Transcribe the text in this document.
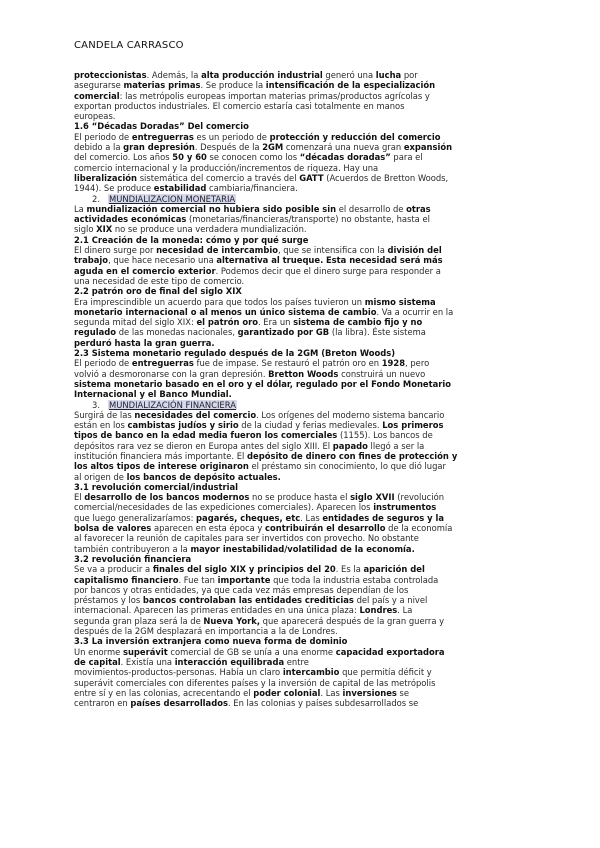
CANDELA CARRASCO

proteccionistas. Además, la alta producción industrial generó una lucha por

asegurarse materias primas. Se produce la intensificación de la especialización

comercial: las metrópolis europeas importan materias primas/productos agrícolas y

exportan productos industriales. El comercio estaría casi totalmente en manos

europeas.

1.6 “Décadas Doradas” Del comercio

El periodo de entreguerras es un periodo de protección y reducción del comercio

debido a la gran depresión. Después de la 2GM comenzará una nueva gran expansión

del comercio. Los años 50 y 60 se conocen como los “décadas doradas” para el

comercio internacional y la producción/incrementos de riqueza. Hay una

liberalización sistemática del comercio a través del GATT (Acuerdos de Bretton Woods,

1944). Se produce estabilidad cambiaria/financiera.

2. MUNDIALIZACION MONETARIA

La mundialización comercial no hubiera sido posible sin el desarrollo de otras

actividades económicas (monetarias/financieras/transporte) no obstante, hasta el

siglo XIX no se produce una verdadera mundialización.

2.1 Creación de la moneda: cómo y por qué surge

El dinero surge por necesidad de intercambio, que se intensifica con la división del

trabajo, que hace necesario una alternativa al trueque. Esta necesidad será más

aguda en el comercio exterior. Podemos decir que el dinero surge para responder a

una necesidad de este tipo de comercio.

2.2 patrón oro de final del siglo XIX

Era imprescindible un acuerdo para que todos los países tuvieron un mismo sistema

monetario internacional o al menos un único sistema de cambio. Va a ocurrir en la

segunda mitad del siglo XIX: el patrón oro. Era un sistema de cambio fijo y no

regulado de las monedas nacionales, garantizado por GB (la libra). Éste sistema

perduró hasta la gran guerra.

2.3 Sistema monetario regulado después de la 2GM (Breton Woods)

El periodo de entreguerras fue de impase. Se restauró el patrón oro en 1928, pero

volvió a desmoronarse con la gran depresión. Bretton Woods construirá un nuevo

sistema monetario basado en el oro y el dólar, regulado por el Fondo Monetario

Internacional y el Banco Mundial.

3. MUNDIALIZACIÓN FINANCIERA

Surgirá de las necesidades del comercio. Los orígenes del moderno sistema bancario

están en los cambistas judíos y sirio de la ciudad y ferias medievales. Los primeros

tipos de banco en la edad media fueron los comerciales (1155). Los bancos de

depósitos rara vez se dieron en Europa antes del siglo XIII. El papado llegó a ser la

institución financiera más importante. El depósito de dinero con fines de protección y

los altos tipos de interese originaron el préstamo sin conocimiento, lo que dió lugar

al origen de los bancos de depósito actuales.

3.1 revolución comercial/industrial

El desarrollo de los bancos modernos no se produce hasta el siglo XVII (revolución

comercial/necesidades de las expediciones comerciales). Aparecen los instrumentos

que luego generalizaríamos: pagarés, cheques, etc. Las entidades de seguros y la

bolsa de valores aparecen en esta época y contribuirán el desarrollo de la economía

al favorecer la reunión de capitales para ser invertidos con provecho. No obstante

también contribuyeron a la mayor inestabilidad/volatilidad de la economía.

3.2 revolución financiera

Se va a producir a finales del siglo XIX y principios del 20. Es la aparición del

capitalismo financiero. Fue tan importante que toda la industria estaba controlada

por bancos y otras entidades, ya que cada vez más empresas dependían de los

préstamos y los bancos controlaban las entidades crediticias del país y a nivel

internacional. Aparecen las primeras entidades en una única plaza: Londres. La

segunda gran plaza será la de Nueva York, que aparecerá después de la gran guerra y

después de la 2GM desplazará en importancia a la de Londres.

3.3 La inversión extranjera como nueva forma de dominio

Un enorme superávit comercial de GB se unía a una enorme capacidad exportadora

de capital. Existía una interacción equilibrada entre

movimientos-productos-personas. Había un claro intercambio que permitía déficit y

superávit comerciales con diferentes países y la inversión de capital de las metrópolis

entre sí y en las colonias, acrecentando el poder colonial. Las inversiones se

centraron en países desarrollados. En las colonias y países subdesarrollados se
